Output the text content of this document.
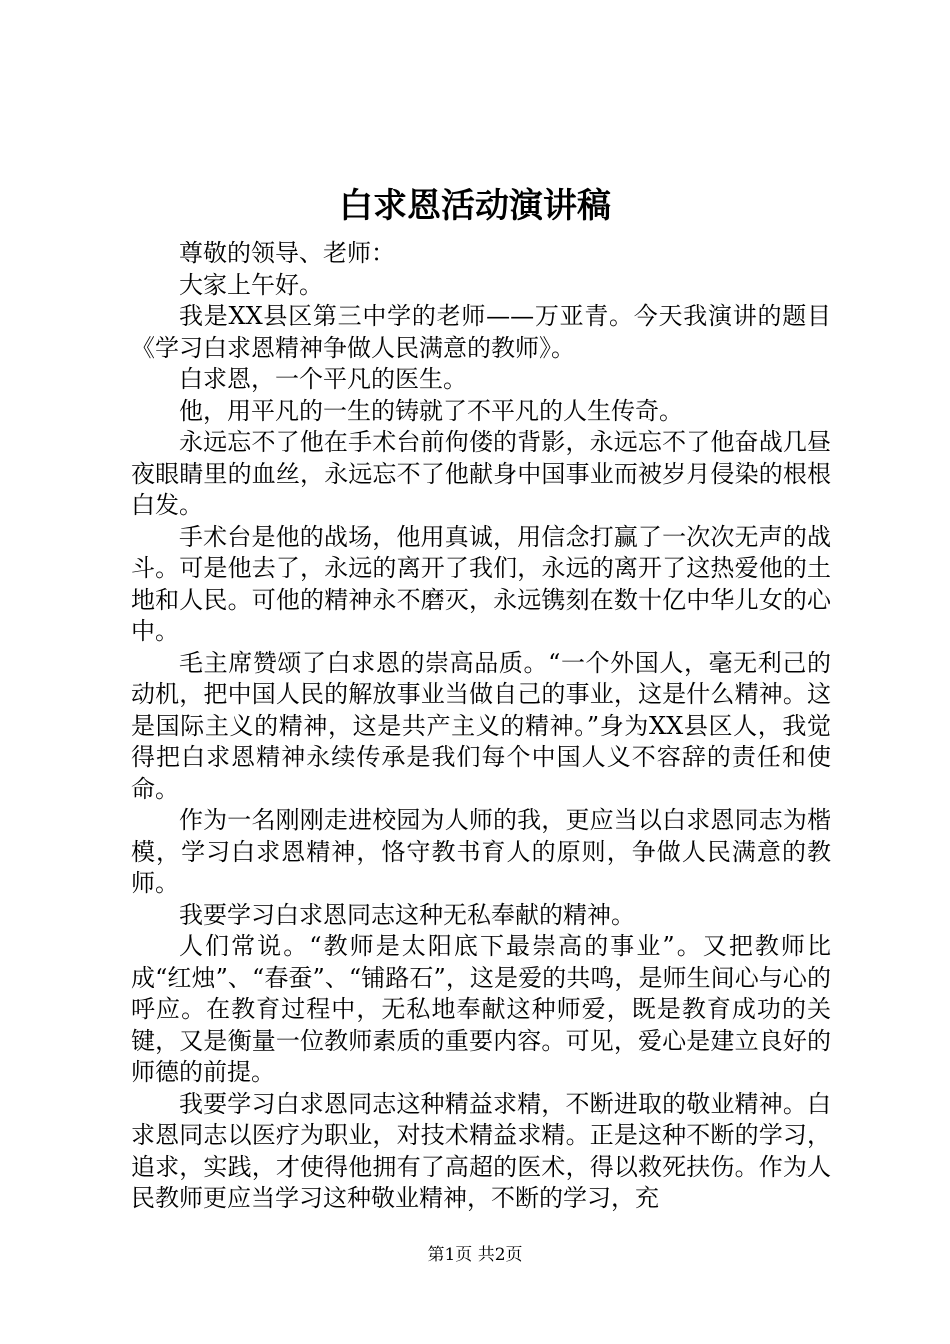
白求恩活动演讲稿

尊敬的领导、老师：

大家上午好。

我是XX县区第三中学的老师——万亚青。今天我演讲的题目《学习白求恩精神争做人民满意的教师》。

白求恩，一个平凡的医生。

他，用平凡的一生的铸就了不平凡的人生传奇。

永远忘不了他在手术台前佝偻的背影，永远忘不了他奋战几昼夜眼睛里的血丝，永远忘不了他献身中国事业而被岁月侵染的根根白发。

手术台是他的战场，他用真诚，用信念打赢了一次次无声的战斗。可是他去了，永远的离开了我们，永远的离开了这热爱他的土地和人民。可他的精神永不磨灭，永远镌刻在数十亿中华儿女的心中。

毛主席赞颂了白求恩的崇高品质。“一个外国人，毫无利己的动机，把中国人民的解放事业当做自己的事业，这是什么精神。这是国际主义的精神，这是共产主义的精神。”身为XX县区人，我觉得把白求恩精神永续传承是我们每个中国人义不容辞的责任和使命。

作为一名刚刚走进校园为人师的我，更应当以白求恩同志为楷模，学习白求恩精神，恪守教书育人的原则，争做人民满意的教师。

我要学习白求恩同志这种无私奉献的精神。

人们常说。“教师是太阳底下最崇高的事业”。又把教师比成“红烛”、“春蚕”、“铺路石”，这是爱的共鸣，是师生间心与心的呼应。在教育过程中，无私地奉献这种师爱，既是教育成功的关键，又是衡量一位教师素质的重要内容。可见，爱心是建立良好的师德的前提。

我要学习白求恩同志这种精益求精，不断进取的敬业精神。白求恩同志以医疗为职业，对技术精益求精。正是这种不断的学习，追求，实践，才使得他拥有了高超的医术，得以救死扶伤。作为人民教师更应当学习这种敬业精神，不断的学习，充

第1页 共2页
